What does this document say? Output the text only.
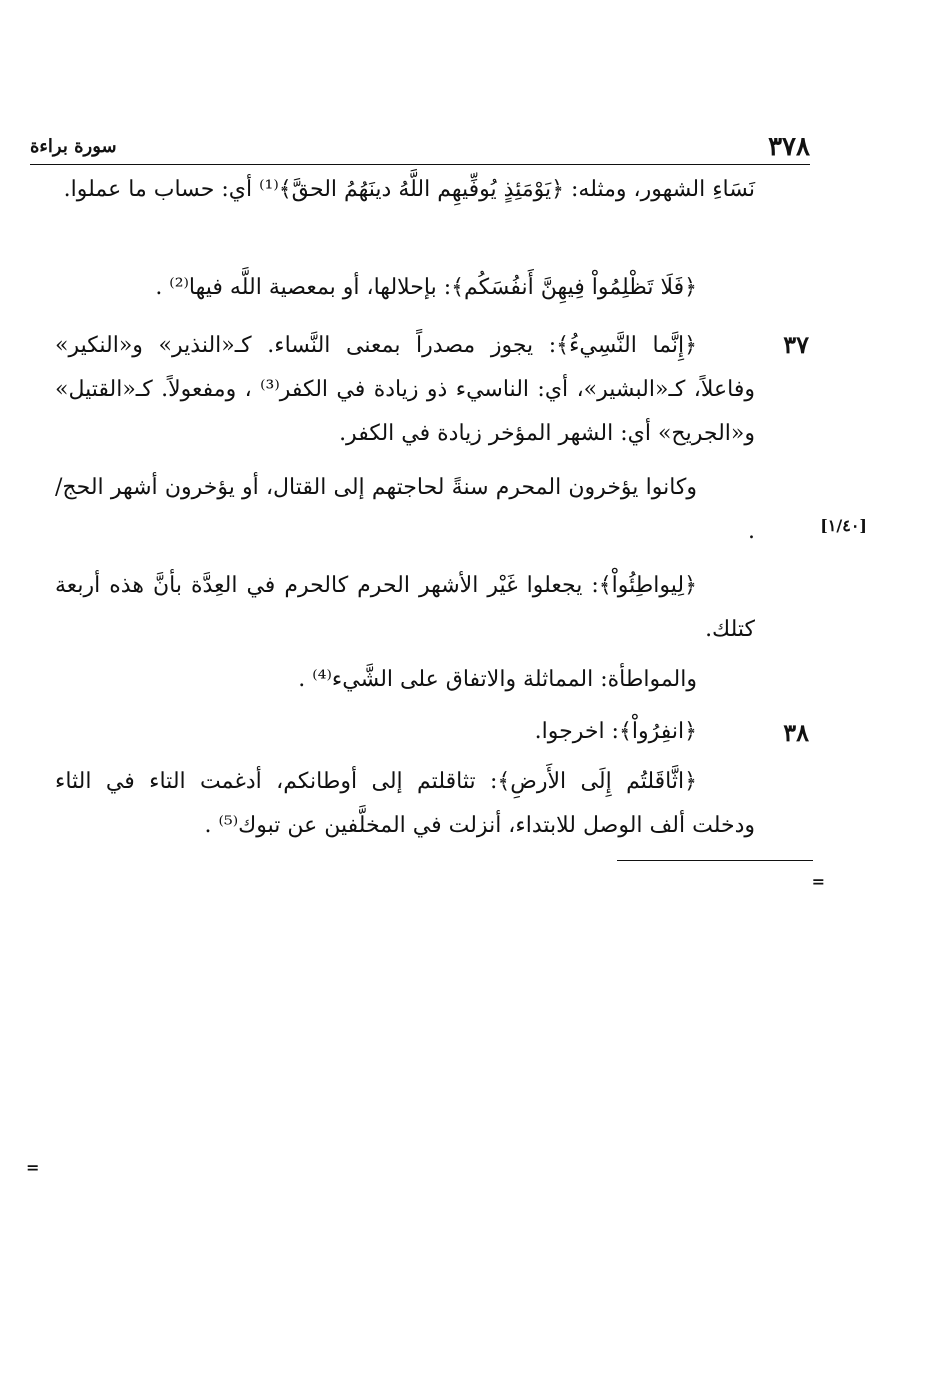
٣٧٨
سورة براءة
نَسَاءِ الشهور، ومثله: ﴿يَوْمَئِذٍ يُوفِّيهِم اللَّهُ دينَهُمُ الحقَّ﴾⁽¹⁾ أي: حساب ما عملوا.
﴿فَلَا تَظْلِمُواْ فِيهِنَّ أَنفُسَكُم﴾: بإحلالها، أو بمعصية اللَّه فيها⁽²⁾ .
٣٧
﴿إِنَّما النَّسِيءُ﴾: يجوز مصدراً بمعنى النَّساء. كـ«النذير» و«النكير» وفاعلاً، كـ«البشير»، أي: الناسيء ذو زيادة في الكفر⁽³⁾ ، ومفعولاً. كـ«القتيل» و«الجريح» أي: الشهر المؤخر زيادة في الكفر.
وكانوا يؤخرون المحرم سنةً لحاجتهم إلى القتال، أو يؤخرون أشهر الحج/ .	[١/٤٠]
﴿لِيواطِئُواْ﴾: يجعلوا غَيْر الأشهر الحرم كالحرم في العِدَّة بأنَّ هذه أربعة كتلك.
والمواطأة: المماثلة والاتفاق على الشَّيء⁽⁴⁾ .
٣٨
﴿انفِرُواْ﴾: اخرجوا.
﴿اثَّاقَلتُم إِلَى الأَرضِ﴾: تثاقلتم إلى أوطانكم، أدغمت التاء في الثاء ودخلت ألف الوصل للابتداء، أنزلت في المخلَّفين عن تبوك⁽⁵⁾ .
=
=
